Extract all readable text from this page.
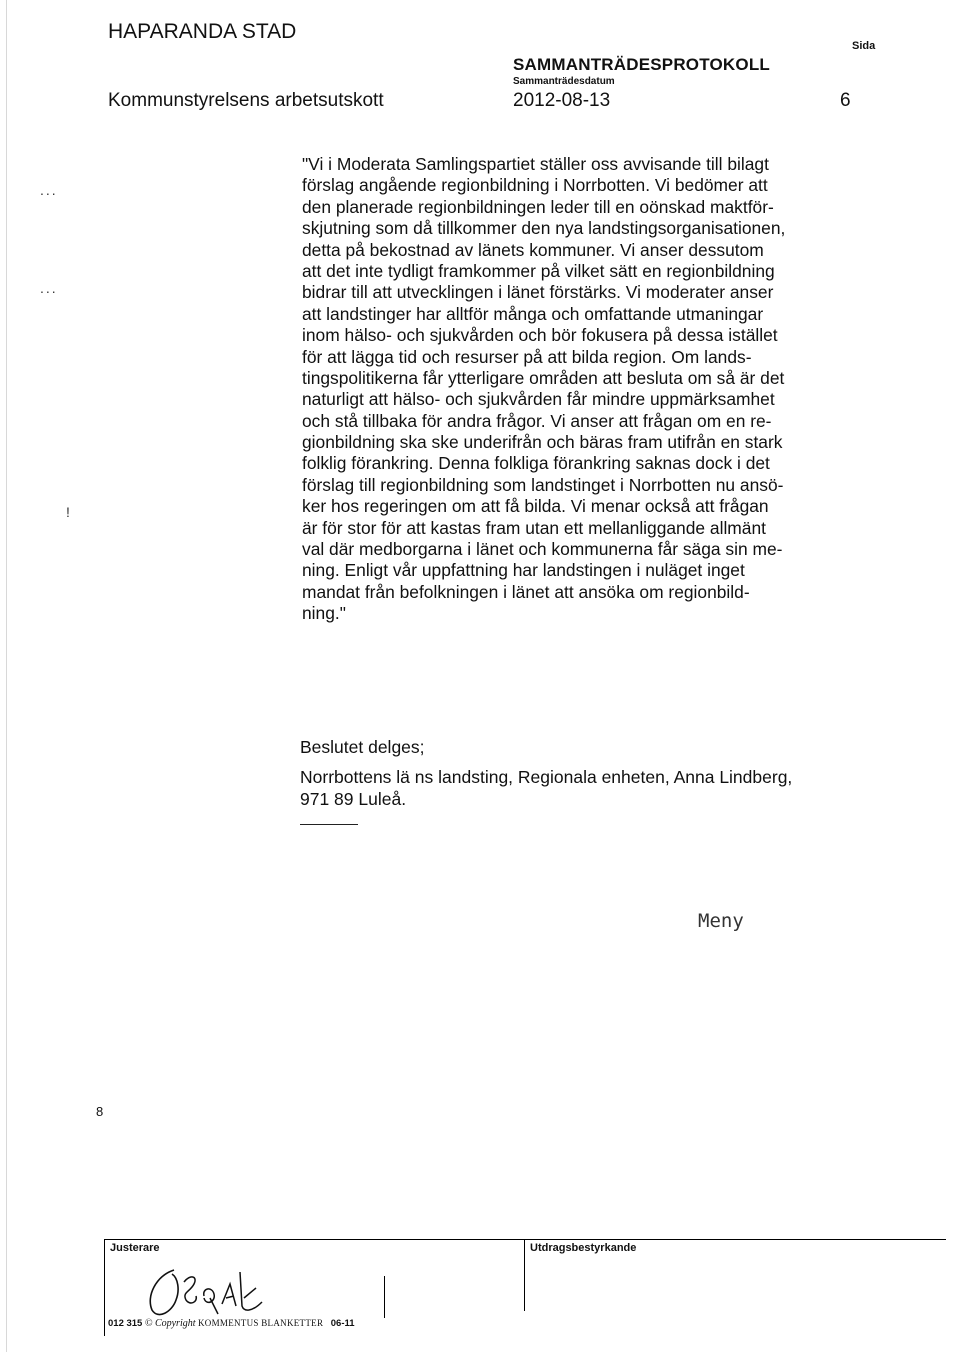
HAPARANDA STAD
Kommunstyrelsens arbetsutskott
SAMMANTRÄDESPROTOKOLL
Sammanträdesdatum
2012-08-13
Sida
6
...
...
!
8
"Vi i Moderata Samlingspartiet ställer oss avvisande till bilagt
förslag angående regionbildning i Norrbotten. Vi bedömer att
den planerade regionbildningen leder till en oönskad maktför-
skjutning som då tillkommer den nya landstingsorganisationen,
detta på bekostnad av länets kommuner. Vi anser dessutom
att det inte tydligt framkommer på vilket sätt en regionbildning
bidrar till att utvecklingen i länet förstärks. Vi moderater anser
att landstinger har alltför många och omfattande utmaningar
inom hälso- och sjukvården och bör fokusera på dessa istället
för att lägga tid och resurser på att bilda region. Om lands-
tingspolitikerna får ytterligare områden att besluta om så är det
naturligt att hälso- och sjukvården får mindre uppmärksamhet
och stå tillbaka för andra frågor. Vi anser att frågan om en re-
gionbildning ska ske underifrån och bäras fram utifrån en stark
folklig förankring. Denna folkliga förankring saknas dock i det
förslag till regionbildning som landstinget i Norrbotten nu ansö-
ker hos regeringen om att få bilda. Vi menar också att frågan
är för stor för att kastas fram utan ett mellanliggande allmänt
val där medborgarna i länet och kommunerna får säga sin me-
ning. Enligt vår uppfattning har landstingen i nuläget inget
mandat från befolkningen i länet att ansöka om regionbild-
ning."
Beslutet delges;
Norrbottens lä ns landsting, Regionala enheten, Anna Lindberg,
971 89 Luleå.
Meny
Justerare	Utdragsbestyrkande
012 315 © Copyright KOMMENTUS BLANKETTER 06-11
